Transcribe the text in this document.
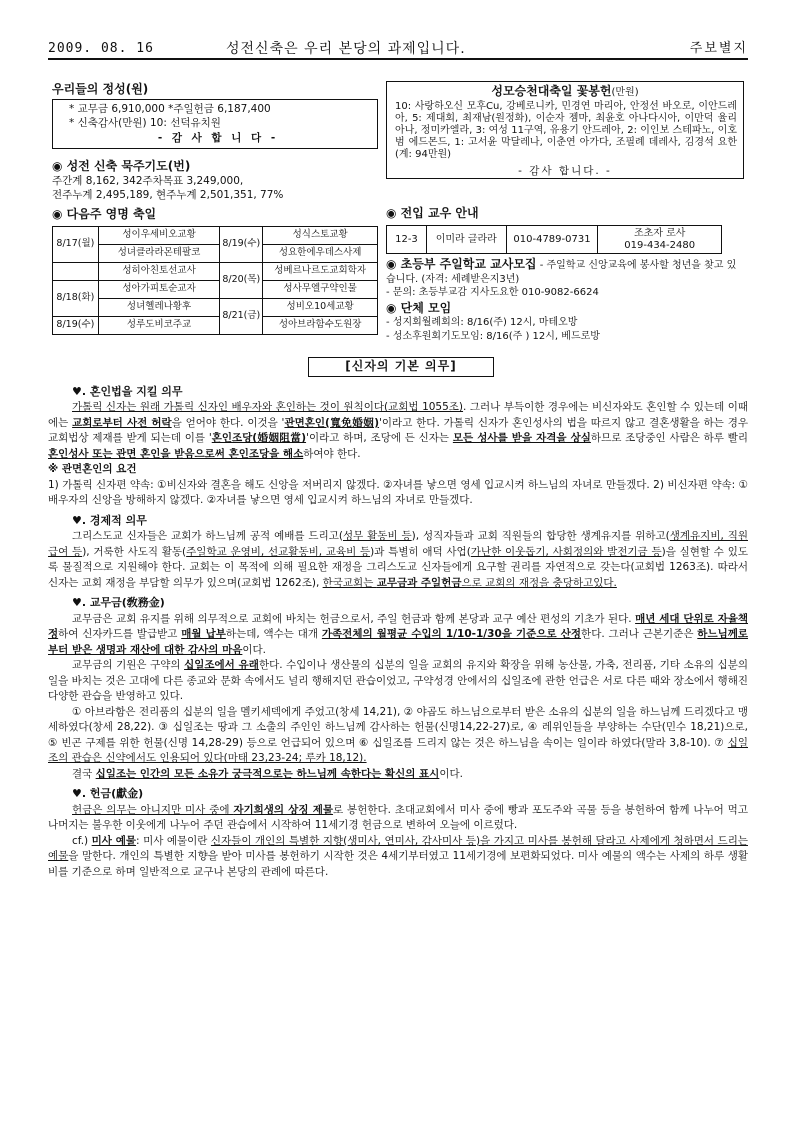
2009. 08. 16	성전신축은 우리 본당의 과제입니다.	주보별지
우리들의 정성(원)
* 교무금 6,910,000 *주일헌금 6,187,400
* 신축감사(만원) 10: 선덕유치원
- 감 사 합 니 다 -
◉ 성전 신축 묵주기도(번)
주간계 8,162, 342주차목표 3,249,000,
전주누계 2,495,189, 현주누계 2,501,351, 77%
◉ 다음주 영명 축일
8/17(월)	성이우세비오교황	8/19(수)	성식스토교황
	성녀클라라몬테팔코		성요한에우데스사제
	성히아친토선교사	8/20(목)	성베르나르도교회학자
8/18(화)	성아가피토순교자		성사무엘구약인물
	성녀헬레나황후	8/21(금)	성비오10세교황
8/19(수)	성루도비코주교		성아브라함수도원장
성모승천대축일 꽃봉헌(만원)
10: 사랑하오신 모후Cu, 강베로니카, 민경연 마리아, 안정선 바오로, 이안드레아, 5: 제대회, 최재남(원정화), 이순자 젬마, 최윤호 아나다시아, 이만덕 율리아나, 정미카엘라, 3: 여성 11구역, 유용기 안드레아, 2: 이인보 스테파노, 이호범 에드몬드, 1: 고서윤 막달레나, 이춘연 아가다, 조필례 데레사, 김경석 요한 (계: 94만원)
- 감사 합니다. -
◉ 전입 교우 안내
12-3	이미라 글라라	010-4789-0731	
조초자 로사
019-434-2480
◉ 초등부 주일학교 교사모집 - 주일학교 신앙교육에 봉사할 청년을 찾고 있습니다. (자격: 세례받은지3년)
- 문의: 초등부교감 지사도요한 010-9082-6624
◉ 단체 모임
- 성지회월례회의: 8/16(주) 12시, 마테오방
- 성소후원회기도모임: 8/16(주 ) 12시, 베드로방
[신자의 기본 의무]
♥. 혼인법을 지킬 의무

가톨릭 신자는 원래 가톨릭 신자인 배우자와 혼인하는 것이 원칙이다(교회법 1055조). 그러나 부득이한 경우에는 비신자와도 혼인할 수 있는데 이때에는 교회로부터 사전 허락을 얻어야 한다. 이것을 '관면혼인(寬免婚姻)'이라고 한다. 가톨릭 신자가 혼인성사의 법을 따르지 않고 결혼생활을 하는 경우 교회법상 제재를 받게 되는데 이를 '혼인조당(婚姻阻當)'이라고 하며, 조당에 든 신자는 모든 성사를 받을 자격을 상실하므로 조당중인 사람은 하루 빨리 혼인성사 또는 관면 혼인을 받음으로써 혼인조당을 해소하여야 한다.

※ 관면혼인의 요건

1) 가톨릭 신자편 약속: ①비신자와 결혼을 해도 신앙을 저버리지 않겠다. ②자녀를 낳으면 영세 입교시켜 하느님의 자녀로 만들겠다. 2) 비신자편 약속: ①배우자의 신앙을 방해하지 않겠다. ②자녀를 낳으면 영세 입교시켜 하느님의 자녀로 만들겠다.

♥. 경제적 의무

그리스도교 신자들은 교회가 하느님께 공적 예배를 드리고(성무 활동비 등), 성직자들과 교회 직원들의 합당한 생계유지를 위하고(생계유지비, 직원급여 등), 거룩한 사도직 활동(주일학교 운영비, 선교활동비, 교육비 등)과 특별히 애덕 사업(가난한 이웃돕기, 사회정의와 발전기금 등)을 실현할 수 있도록 물질적으로 지원해야 한다. 교회는 이 목적에 의해 필요한 재정을 그리스도교 신자들에게 요구할 권리를 자연적으로 갖는다(교회법 1263조). 따라서 신자는 교회 재정을 부담할 의무가 있으며(교회법 1262조), 한국교회는 교무금과 주일헌금으로 교회의 재정을 충당하고있다.

♥. 교무금(敎務金)

교무금은 교회 유지를 위해 의무적으로 교회에 바치는 헌금으로서, 주일 헌금과 함께 본당과 교구 예산 편성의 기초가 된다. 매년 세대 단위로 자율책정하여 신자카드를 발급받고 매월 납부하는데, 액수는 대개 가족전체의 월평균 수입의 1/10-1/30을 기준으로 산정한다. 그러나 근본기준은 하느님께로부터 받은 생명과 재산에 대한 감사의 마음이다.

교무금의 기원은 구약의 십일조에서 유래한다. 수입이나 생산물의 십분의 일을 교회의 유지와 확장을 위해 농산물, 가축, 전리품, 기타 소유의 십분의 일을 바치는 것은 고대에 다른 종교와 문화 속에서도 널리 행해지던 관습이었고, 구약성경 안에서의 십일조에 관한 언급은 서로 다른 때와 장소에서 행해진 다양한 관습을 반영하고 있다.

① 아브라함은 전리품의 십분의 일을 멜키세덱에게 주었고(창세 14,21), ② 야곱도 하느님으로부터 받은 소유의 십분의 일을 하느님께 드리겠다고 맹세하였다(창세 28,22). ③ 십일조는 땅과 그 소출의 주인인 하느님께 감사하는 헌물(신명14,22-27)로, ④ 레위인들을 부양하는 수단(민수 18,21)으로, ⑤ 빈곤 구제를 위한 헌물(신명 14,28-29) 등으로 언급되어 있으며 ⑥ 십일조를 드리지 않는 것은 하느님을 속이는 일이라 하였다(말라 3,8-10). ⑦ 십일조의 관습은 신약에서도 인용되어 있다(마태 23,23-24; 루카 18,12).

결국 십일조는 인간의 모든 소유가 궁극적으로는 하느님께 속한다는 확신의 표시이다.

♥. 헌금(獻金)

헌금은 의무는 아니지만 미사 중에 자기희생의 상징 제물로 봉헌한다. 초대교회에서 미사 중에 빵과 포도주와 곡물 등을 봉헌하여 함께 나누어 먹고 나머지는 불우한 이웃에게 나누어 주던 관습에서 시작하여 11세기경 헌금으로 변하여 오늘에 이르렀다.

cf.) 미사 예물: 미사 예물이란 신자들이 개인의 특별한 지향(생미사, 연미사, 감사미사 등)을 가지고 미사를 봉헌해 달라고 사제에게 청하면서 드리는 예물을 말한다. 개인의 특별한 지향을 받아 미사를 봉헌하기 시작한 것은 4세기부터였고 11세기경에 보편화되었다. 미사 예물의 액수는 사제의 하루 생활비를 기준으로 하며 일반적으로 교구나 본당의 관례에 따른다.
